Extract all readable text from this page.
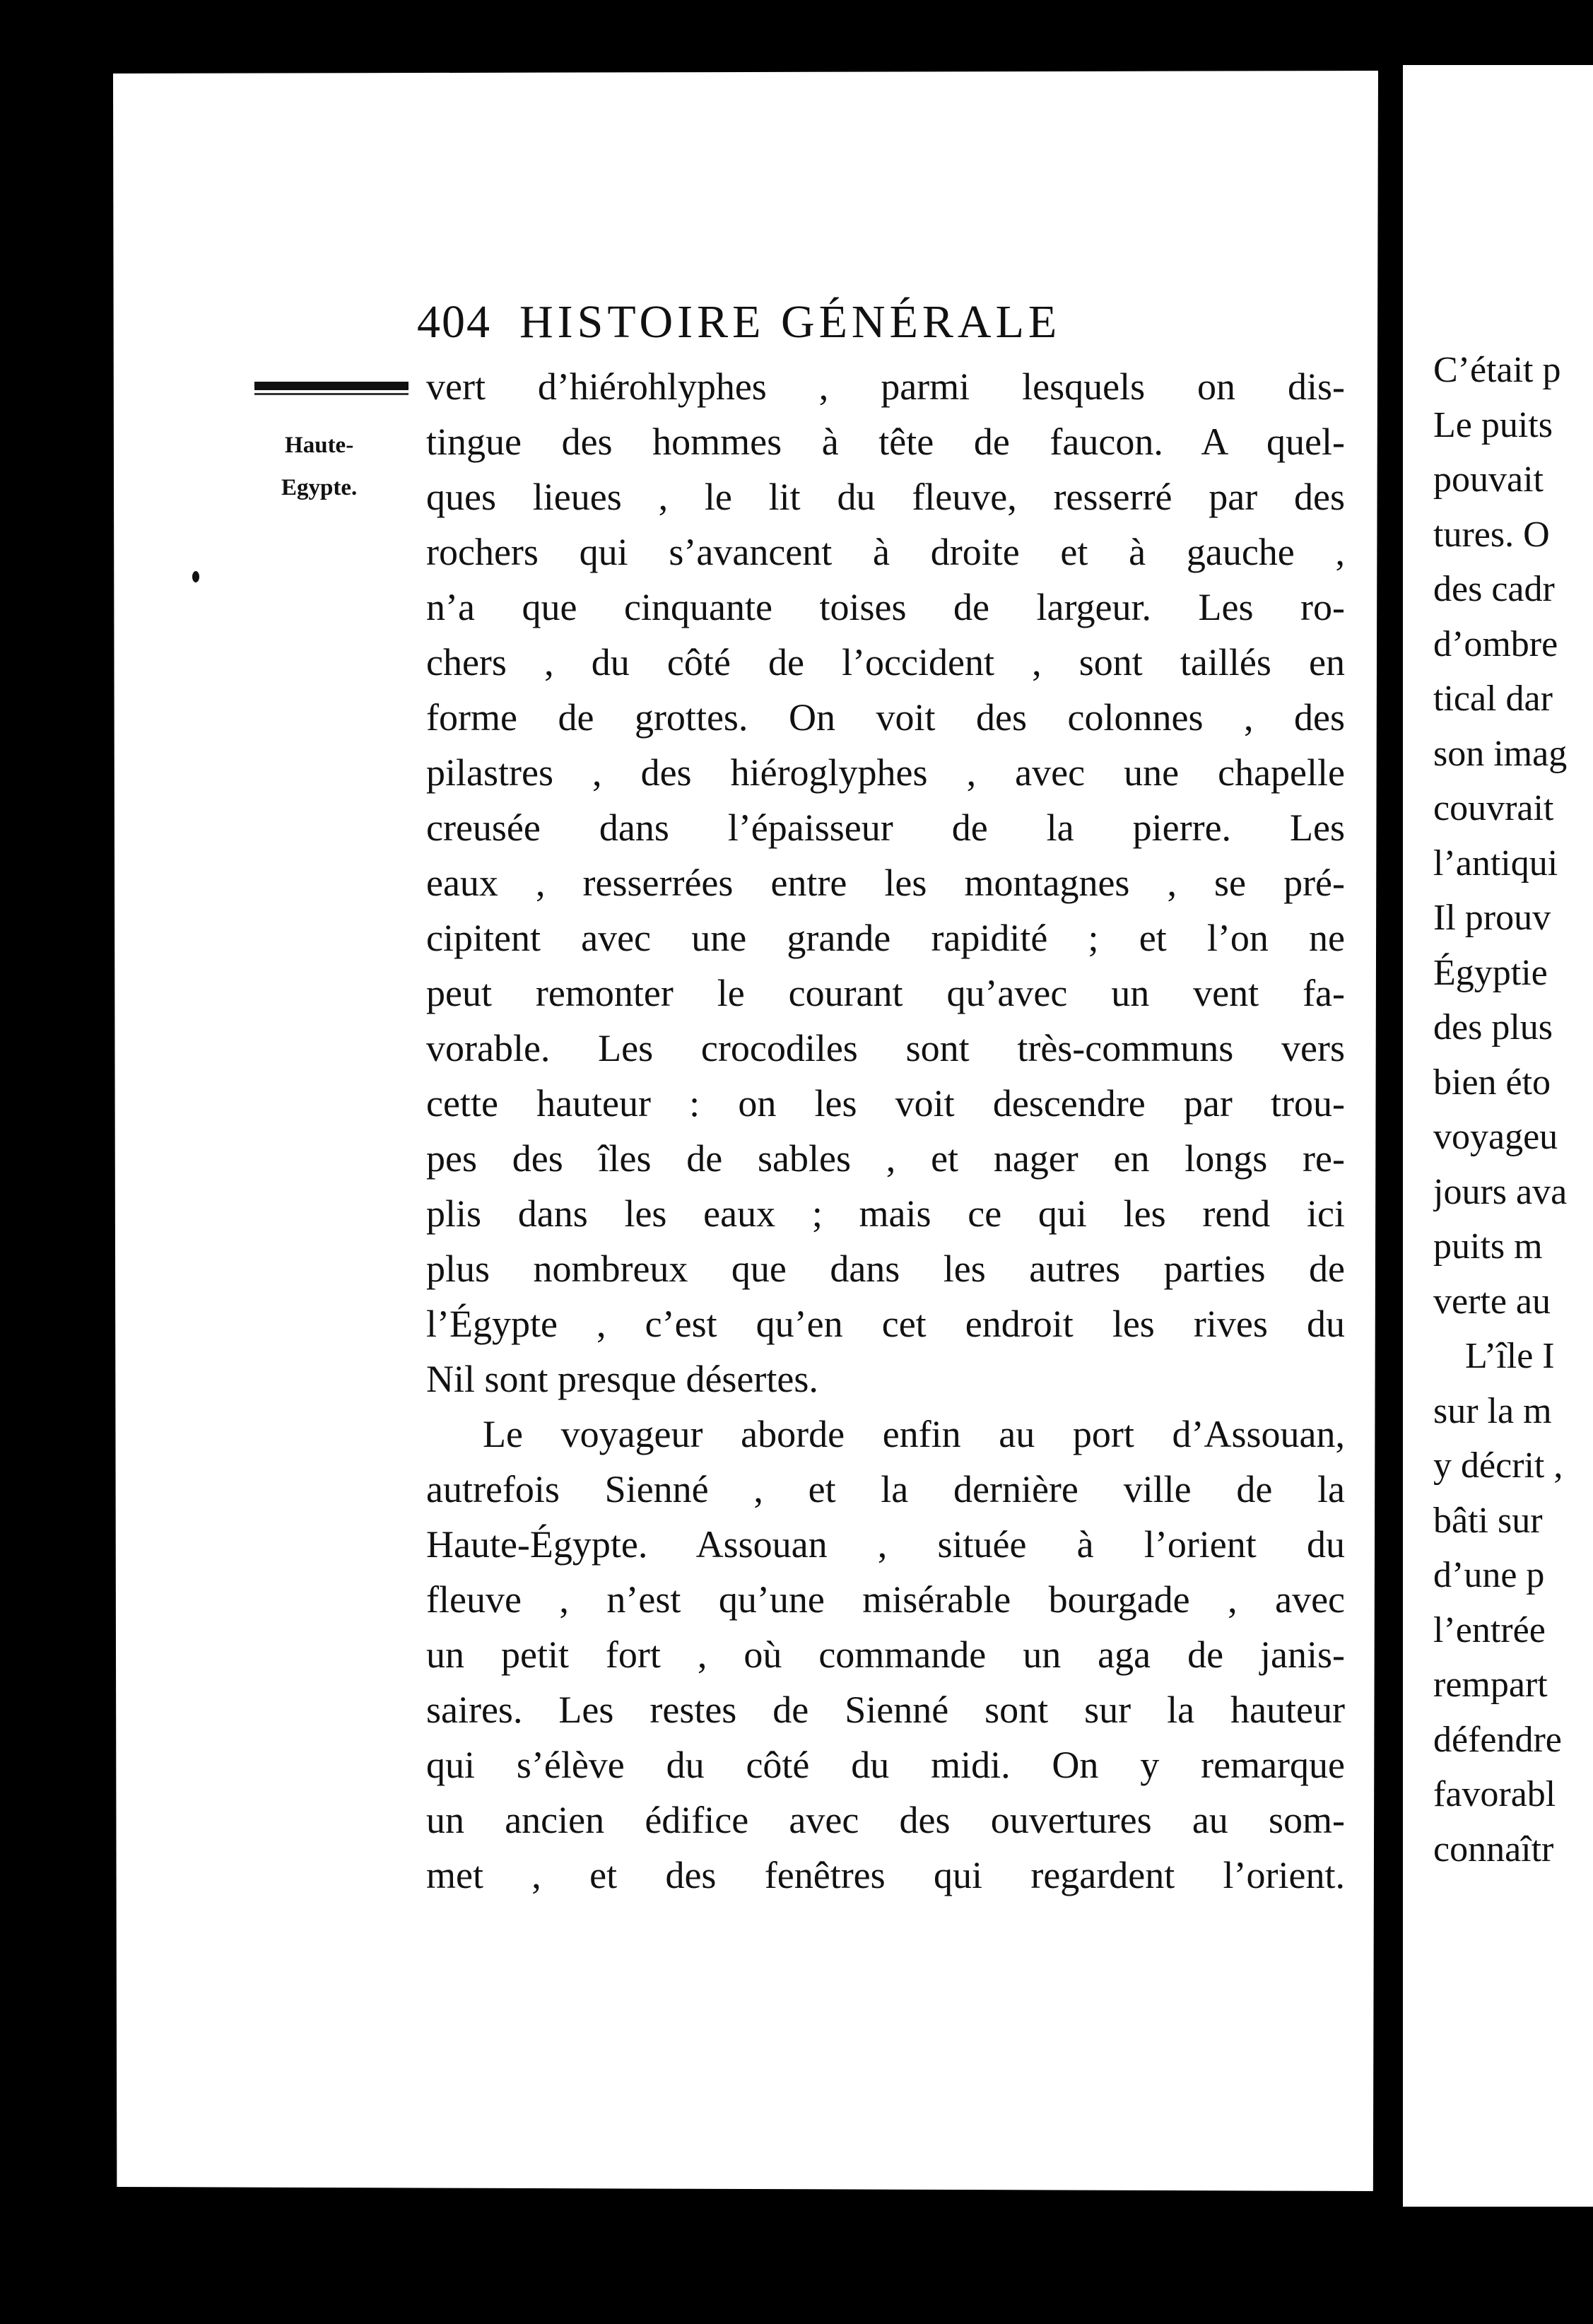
404 HISTOIRE GÉNÉRALE
Haute-
Egypte.
vert d’hiérohlyphes , parmi lesquels on dis-
tingue des hommes à tête de faucon. A quel-
ques lieues , le lit du fleuve, resserré par des
rochers qui s’avancent à droite et à gauche ,
n’a que cinquante toises de largeur. Les ro-
chers , du côté de l’occident , sont taillés en
forme de grottes. On voit des colonnes , des
pilastres , des hiéroglyphes , avec une chapelle
creusée dans l’épaisseur de la pierre. Les
eaux , resserrées entre les montagnes , se pré-
cipitent avec une grande rapidité ; et l’on ne
peut remonter le courant qu’avec un vent fa-
vorable. Les crocodiles sont très-communs vers
cette hauteur : on les voit descendre par trou-
pes des îles de sables , et nager en longs re-
plis dans les eaux ; mais ce qui les rend ici
plus nombreux que dans les autres parties de
l’Égypte , c’est qu’en cet endroit les rives du
Nil sont presque désertes.
Le voyageur aborde enfin au port d’Assouan,
autrefois Sienné , et la dernière ville de la
Haute-Égypte. Assouan , située à l’orient du
fleuve , n’est qu’une misérable bourgade , avec
un petit fort , où commande un aga de janis-
saires. Les restes de Sienné sont sur la hauteur
qui s’élève du côté du midi. On y remarque
un ancien édifice avec des ouvertures au som-
met , et des fenêtres qui regardent l’orient.
C’était p
Le puits
pouvait
tures. O
des cadr
d’ombre
tical dar
son imag
couvrait
l’antiqui
Il prouv
Égyptie
des plus
bien éto
voyageu
jours ava
puits m
verte au
L’île I
sur la m
y décrit ,
bâti sur
d’une p
l’entrée
rempart
défendre
favorabl
connaîtr
